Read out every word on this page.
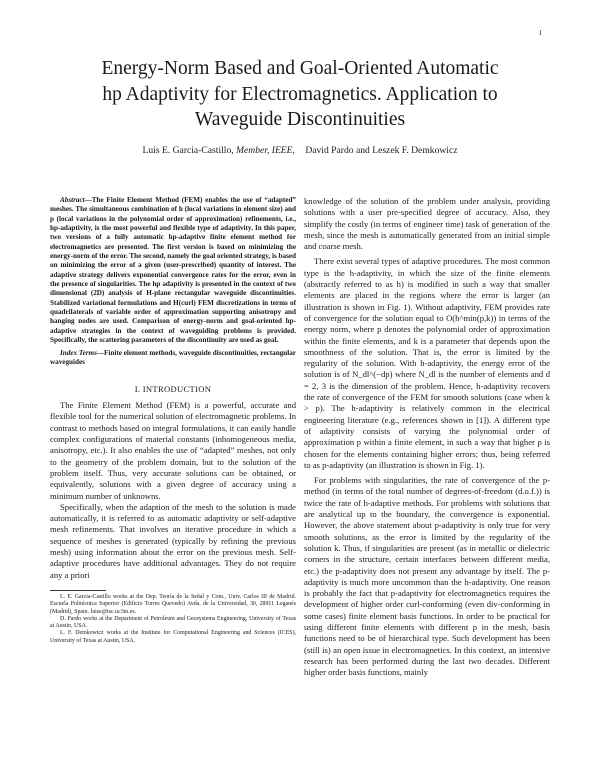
1
Energy-Norm Based and Goal-Oriented Automatic
hp Adaptivity for Electromagnetics. Application to
Waveguide Discontinuities
Luis E. Garcia-Castillo, Member, IEEE, David Pardo and Leszek F. Demkowicz

Abstract—The Finite Element Method (FEM) enables the use of “adapted” meshes. The simultaneous combination of h (local variations in element size) and p (local variations in the polynomial order of approximation) refinements, i.e., hp-adaptivity, is the most powerful and flexible type of adaptivity. In this paper, two versions of a fully automatic hp-adaptive finite element method for electromagnetics are presented. The first version is based on minimizing the energy-norm of the error. The second, namely the goal oriented strategy, is based on minimizing the error of a given (user-prescribed) quantity of interest. The adaptive strategy delivers exponential convergence rates for the error, even in the presence of singularities. The hp adaptivity is presented in the context of two dimensional (2D) analysis of H-plane rectangular waveguide discontinuities. Stabilized variational formulations and H(curl) FEM discretizations in terms of quadrilaterals of variable order of approximation supporting anisotropy and hanging nodes are used. Comparison of energy-norm and goal-oriented hp-adaptive strategies in the context of waveguiding problems is provided. Specifically, the scattering parameters of the discontinuity are used as goal.

Index Terms—Finite element methods, waveguide discontinuities, rectangular waveguides

I. INTRODUCTION

The Finite Element Method (FEM) is a powerful, accurate and flexible tool for the numerical solution of electromagnetic problems. In contrast to methods based on integral formulations, it can easily handle complex configurations of material constants (inhomogeneous media, anisotropy, etc.). It also enables the use of “adapted” meshes, not only to the geometry of the problem domain, but to the solution of the problem itself. Thus, very accurate solutions can be obtained, or equivalently, solutions with a given degree of accuracy using a minimum number of unknowns.

Specifically, when the adaption of the mesh to the solution is made automatically, it is referred to as automatic adaptivity or self-adaptive mesh refinements. That involves an iterative procedure in which a sequence of meshes is generated (typically by refining the previous mesh) using information about the error on the previous mesh. Self-adaptive procedures have additional advantages. They do not require any a priori

L. E. Garcia-Castillo works at the Dep. Teoría de la Señal y Com., Univ. Carlos III de Madrid. Escuela Politécnica Superior (Edificio Torres Quevedo) Avda. de la Universidad, 30, 28911 Leganés (Madrid), Spain. luise@tsc.uc3m.es.

D. Pardo works at the Department of Petroleum and Geosystems Engineering, University of Texas at Austin, USA.

L. F. Demkowicz works at the Institute for Computational Engineering and Sciences (ICES), University of Texas at Austin, USA.

knowledge of the solution of the problem under analysis, providing solutions with a user pre-specified degree of accuracy. Also, they simplify the costly (in terms of engineer time) task of generation of the mesh, since the mesh is automatically generated from an initial simple and coarse mesh.

There exist several types of adaptive procedures. The most common type is the h-adaptivity, in which the size of the finite elements (abstractly referred to as h) is modified in such a way that smaller elements are placed in the regions where the error is larger (an illustration is shown in Fig. 1). Without adaptivity, FEM provides rate of convergence for the solution equal to O(h^min(p,k)) in terms of the energy norm, where p denotes the polynomial order of approximation within the finite elements, and k is a parameter that depends upon the smoothness of the solution. That is, the error is limited by the regularity of the solution. With h-adaptivity, the energy error of the solution is of N_dl^(−dp) where N_dl is the number of elements and d = 2, 3 is the dimension of the problem. Hence, h-adaptivity recovers the rate of convergence of the FEM for smooth solutions (case when k > p). The h-adaptivity is relatively common in the electrical engineering literature (e.g., references shown in [1]). A different type of adaptivity consists of varying the polynomial order of approximation p within a finite element, in such a way that higher p is chosen for the elements containing higher errors; thus, being referred to as p-adaptivity (an illustration is shown in Fig. 1).

For problems with singularities, the rate of convergence of the p-method (in terms of the total number of degrees-of-freedom (d.o.f.)) is twice the rate of h-adaptive methods. For problems with solutions that are analytical up to the boundary, the convergence is exponential. However, the above statement about p-adaptivity is only true for very smooth solutions, as the error is limited by the regularity of the solution k. Thus, if singularities are present (as in metallic or dielectric corners in the structure, certain interfaces between different media, etc.) the p-adaptivity does not present any advantage by itself. The p-adaptivity is much more uncommon than the h-adaptivity. One reason is probably the fact that p-adaptivity for electromagnetics requires the development of higher order curl-conforming (even div-conforming in some cases) finite element basis functions. In order to be practical for using different finite elements with different p in the mesh, basis functions need to be of hierarchical type. Such development has been (still is) an open issue in electromagnetics. In this context, an intensive research has been performed during the last two decades. Different higher order basis functions, mainly
